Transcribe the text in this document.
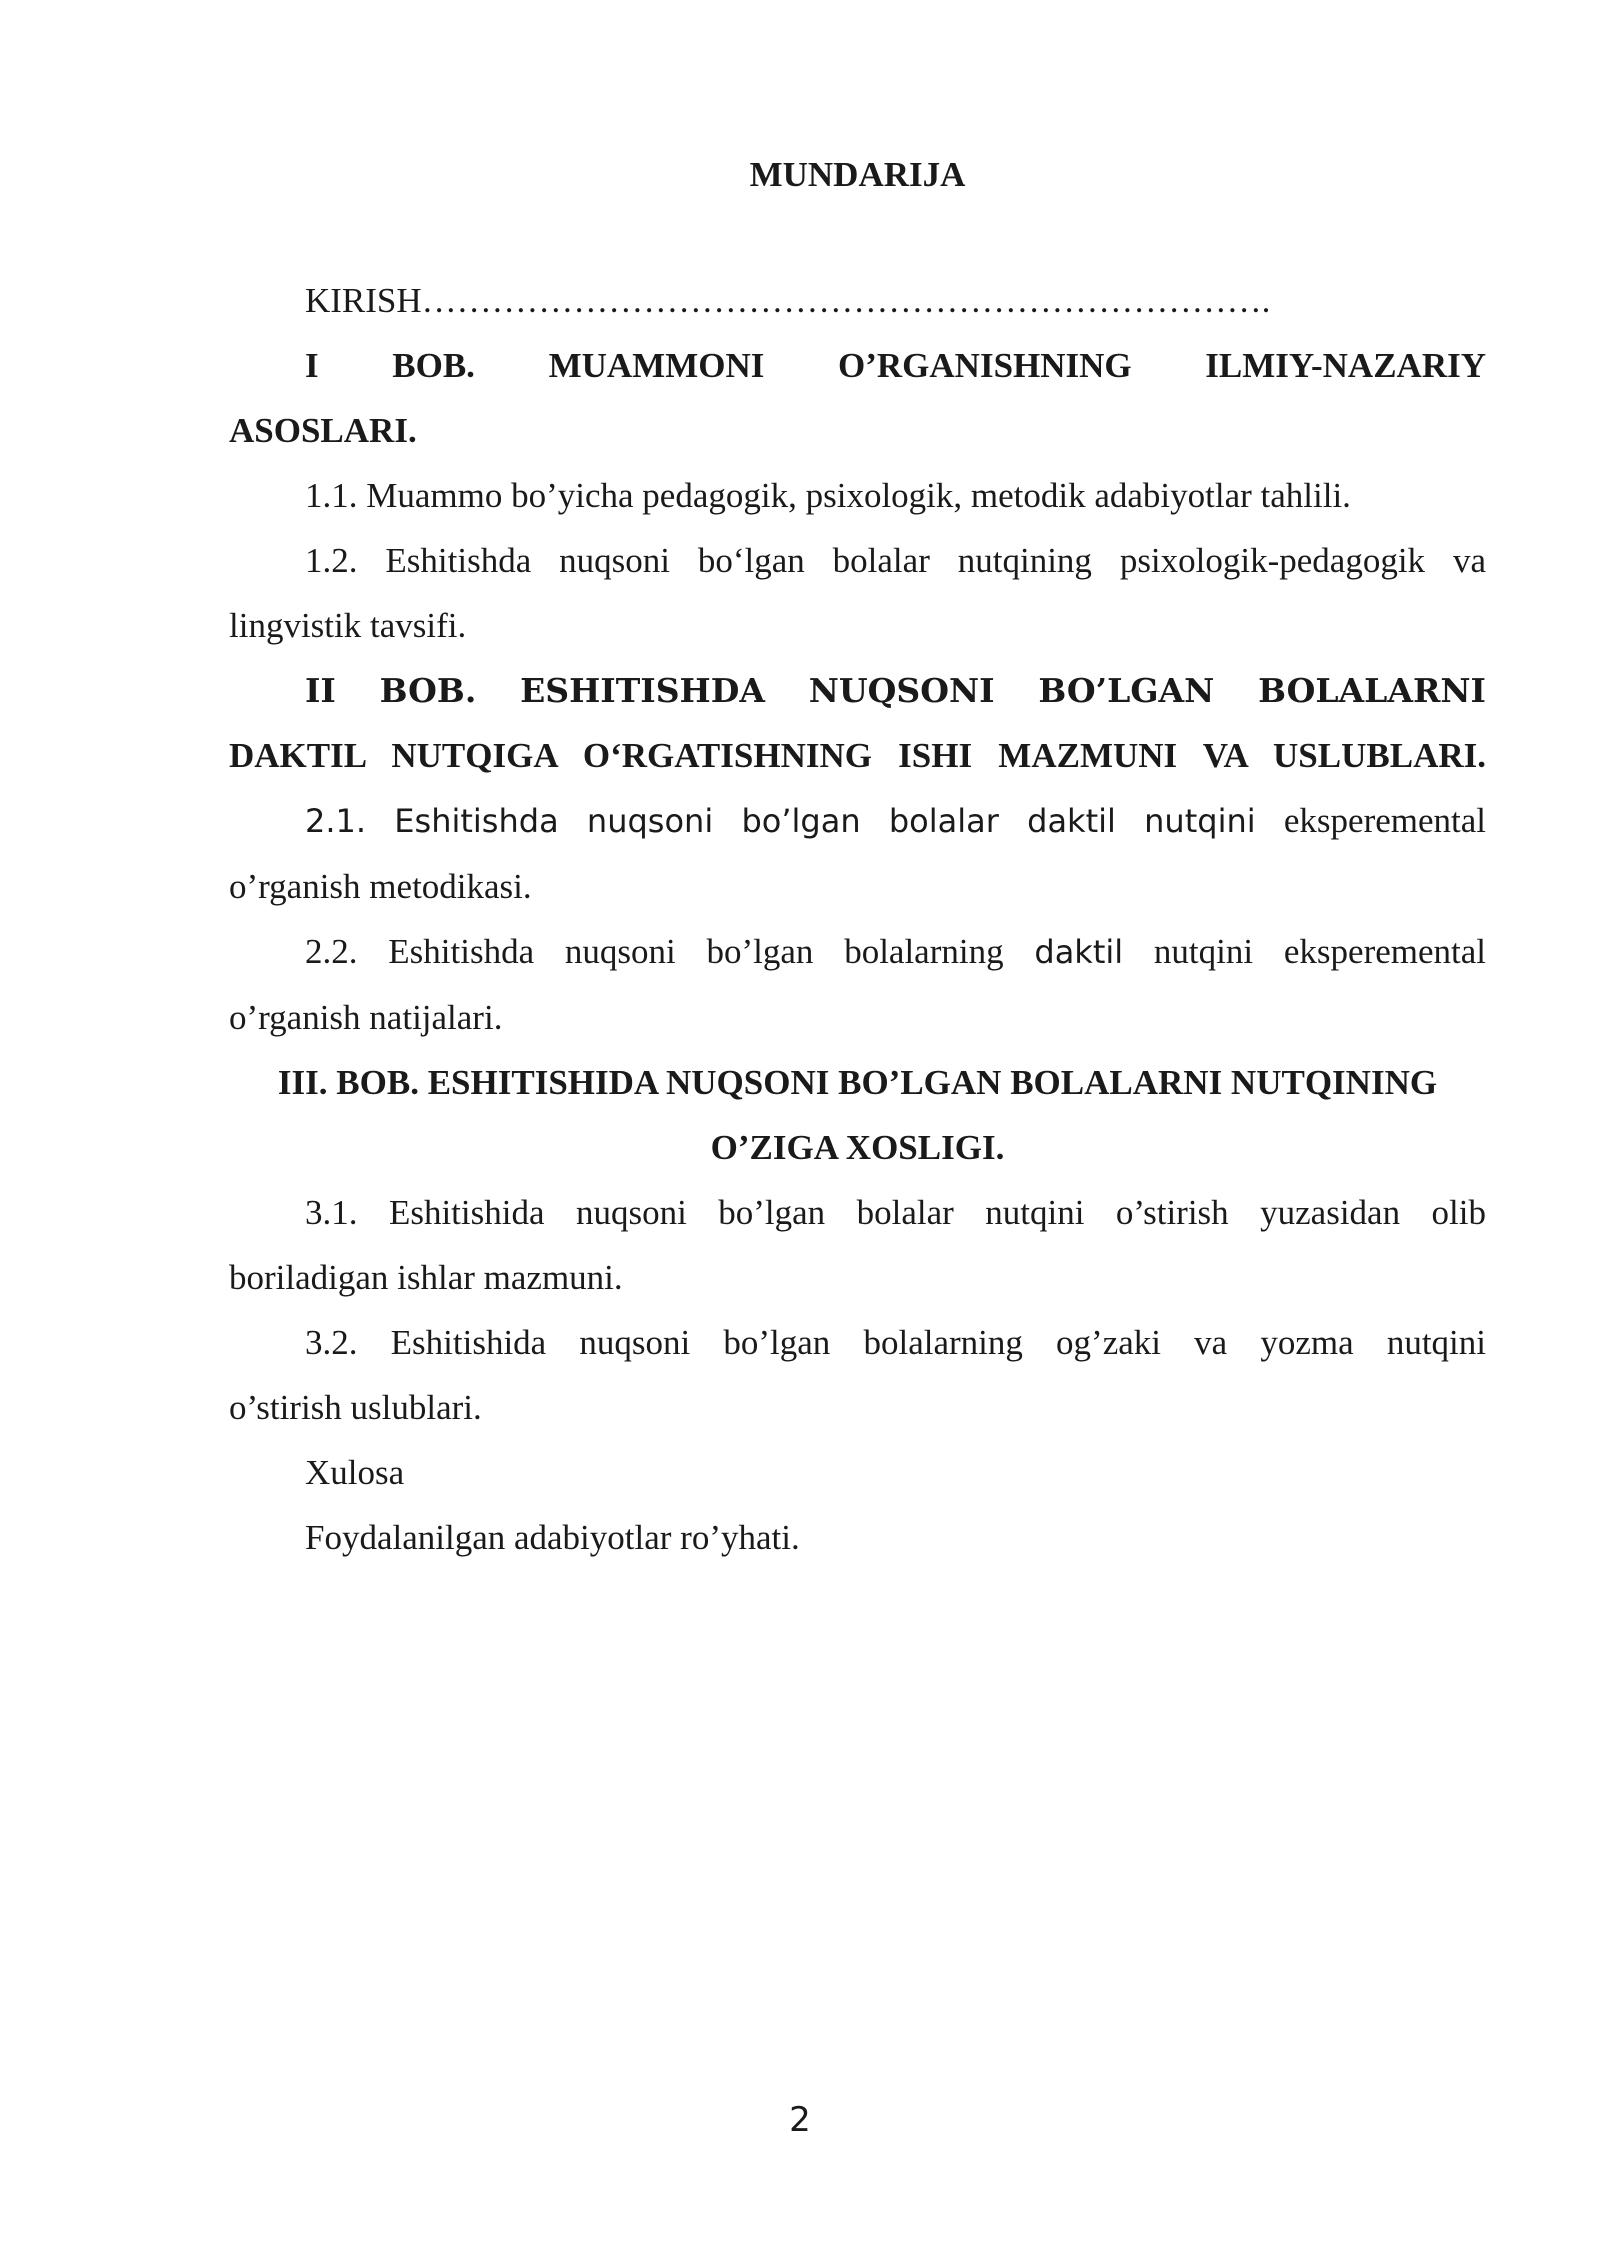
MUNDARIJA

KIRISH……………………………………………………………….

I BOB. MUAMMONI O’RGANISHNING ILMIY-NAZARIY

ASOSLARI.

1.1. Muammo bo’yicha pedagogik, psixologik, metodik adabiyotlar tahlili.

1.2. Eshitishda nuqsoni bo‘lgan bolalar nutqining psixologik-pedagogik va

lingvistik tavsifi.

II BOB. ESHITISHDA NUQSONI BO’LGAN BOLALARNI

DAKTIL NUTQIGA O‘RGATISHNING ISHI MAZMUNI VA USLUBLARI.

2.1. Eshitishda nuqsoni bo’lgan bolalar daktil nutqini eksperemental

o’rganish metodikasi.

2.2. Eshitishda nuqsoni bo’lgan bolalarning daktil nutqini eksperemental

o’rganish natijalari.

III. BOB. ESHITISHIDA NUQSONI BO’LGAN BOLALARNI NUTQINING

O’ZIGA XOSLIGI.

3.1. Eshitishida nuqsoni bo’lgan bolalar nutqini o’stirish yuzasidan olib

boriladigan ishlar mazmuni.

3.2. Eshitishida nuqsoni bo’lgan bolalarning og’zaki va yozma nutqini

o’stirish uslublari.

Xulosa

Foydalanilgan adabiyotlar ro’yhati.

2
